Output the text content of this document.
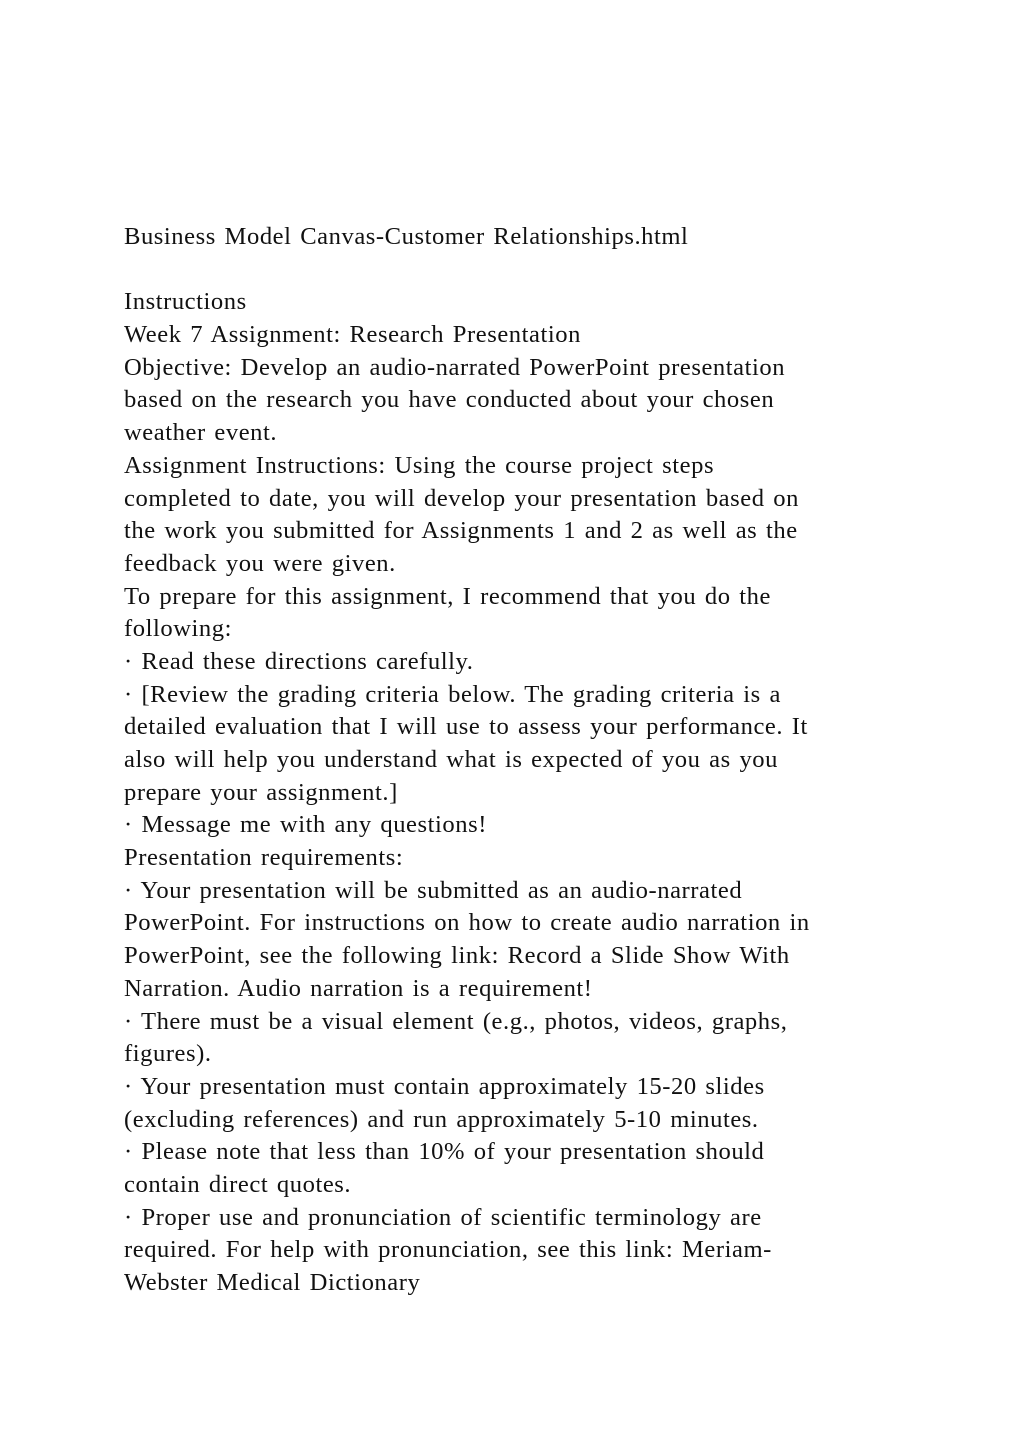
Business Model Canvas-Customer Relationships.html
Instructions
Week 7 Assignment: Research Presentation
Objective: Develop an audio-narrated PowerPoint presentation
based on the research you have conducted about your chosen
weather event.
Assignment Instructions: Using the course project steps
completed to date, you will develop your presentation based on
the work you submitted for Assignments 1 and 2 as well as the
feedback you were given.
To prepare for this assignment, I recommend that you do the
following:
· Read these directions carefully.
· [Review the grading criteria below. The grading criteria is a
detailed evaluation that I will use to assess your performance. It
also will help you understand what is expected of you as you
prepare your assignment.]
· Message me with any questions!
Presentation requirements:
· Your presentation will be submitted as an audio-narrated
PowerPoint. For instructions on how to create audio narration in
PowerPoint, see the following link: Record a Slide Show With
Narration. Audio narration is a requirement!
· There must be a visual element (e.g., photos, videos, graphs,
figures).
· Your presentation must contain approximately 15-20 slides
(excluding references) and run approximately 5-10 minutes.
· Please note that less than 10% of your presentation should
contain direct quotes.
· Proper use and pronunciation of scientific terminology are
required. For help with pronunciation, see this link: Meriam-
Webster Medical Dictionary
